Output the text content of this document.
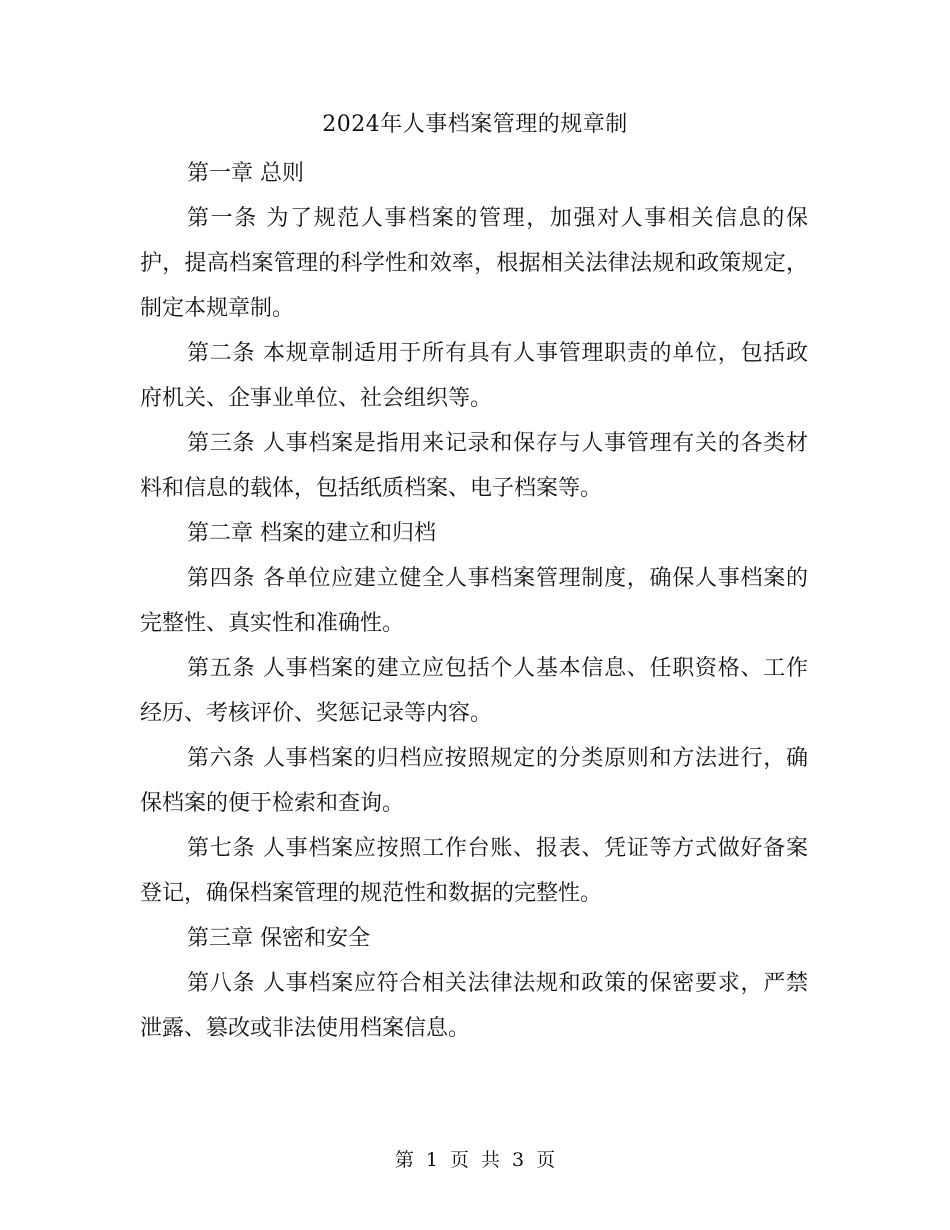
2024年人事档案管理的规章制

第一章 总则

第一条 为了规范人事档案的管理，加强对人事相关信息的保护，提高档案管理的科学性和效率，根据相关法律法规和政策规定，制定本规章制。

第二条 本规章制适用于所有具有人事管理职责的单位，包括政府机关、企事业单位、社会组织等。

第三条 人事档案是指用来记录和保存与人事管理有关的各类材料和信息的载体，包括纸质档案、电子档案等。

第二章 档案的建立和归档

第四条 各单位应建立健全人事档案管理制度，确保人事档案的完整性、真实性和准确性。

第五条 人事档案的建立应包括个人基本信息、任职资格、工作经历、考核评价、奖惩记录等内容。

第六条 人事档案的归档应按照规定的分类原则和方法进行，确保档案的便于检索和查询。

第七条 人事档案应按照工作台账、报表、凭证等方式做好备案登记，确保档案管理的规范性和数据的完整性。

第三章 保密和安全

第八条 人事档案应符合相关法律法规和政策的保密要求，严禁泄露、篡改或非法使用档案信息。

第 1 页 共 3 页
